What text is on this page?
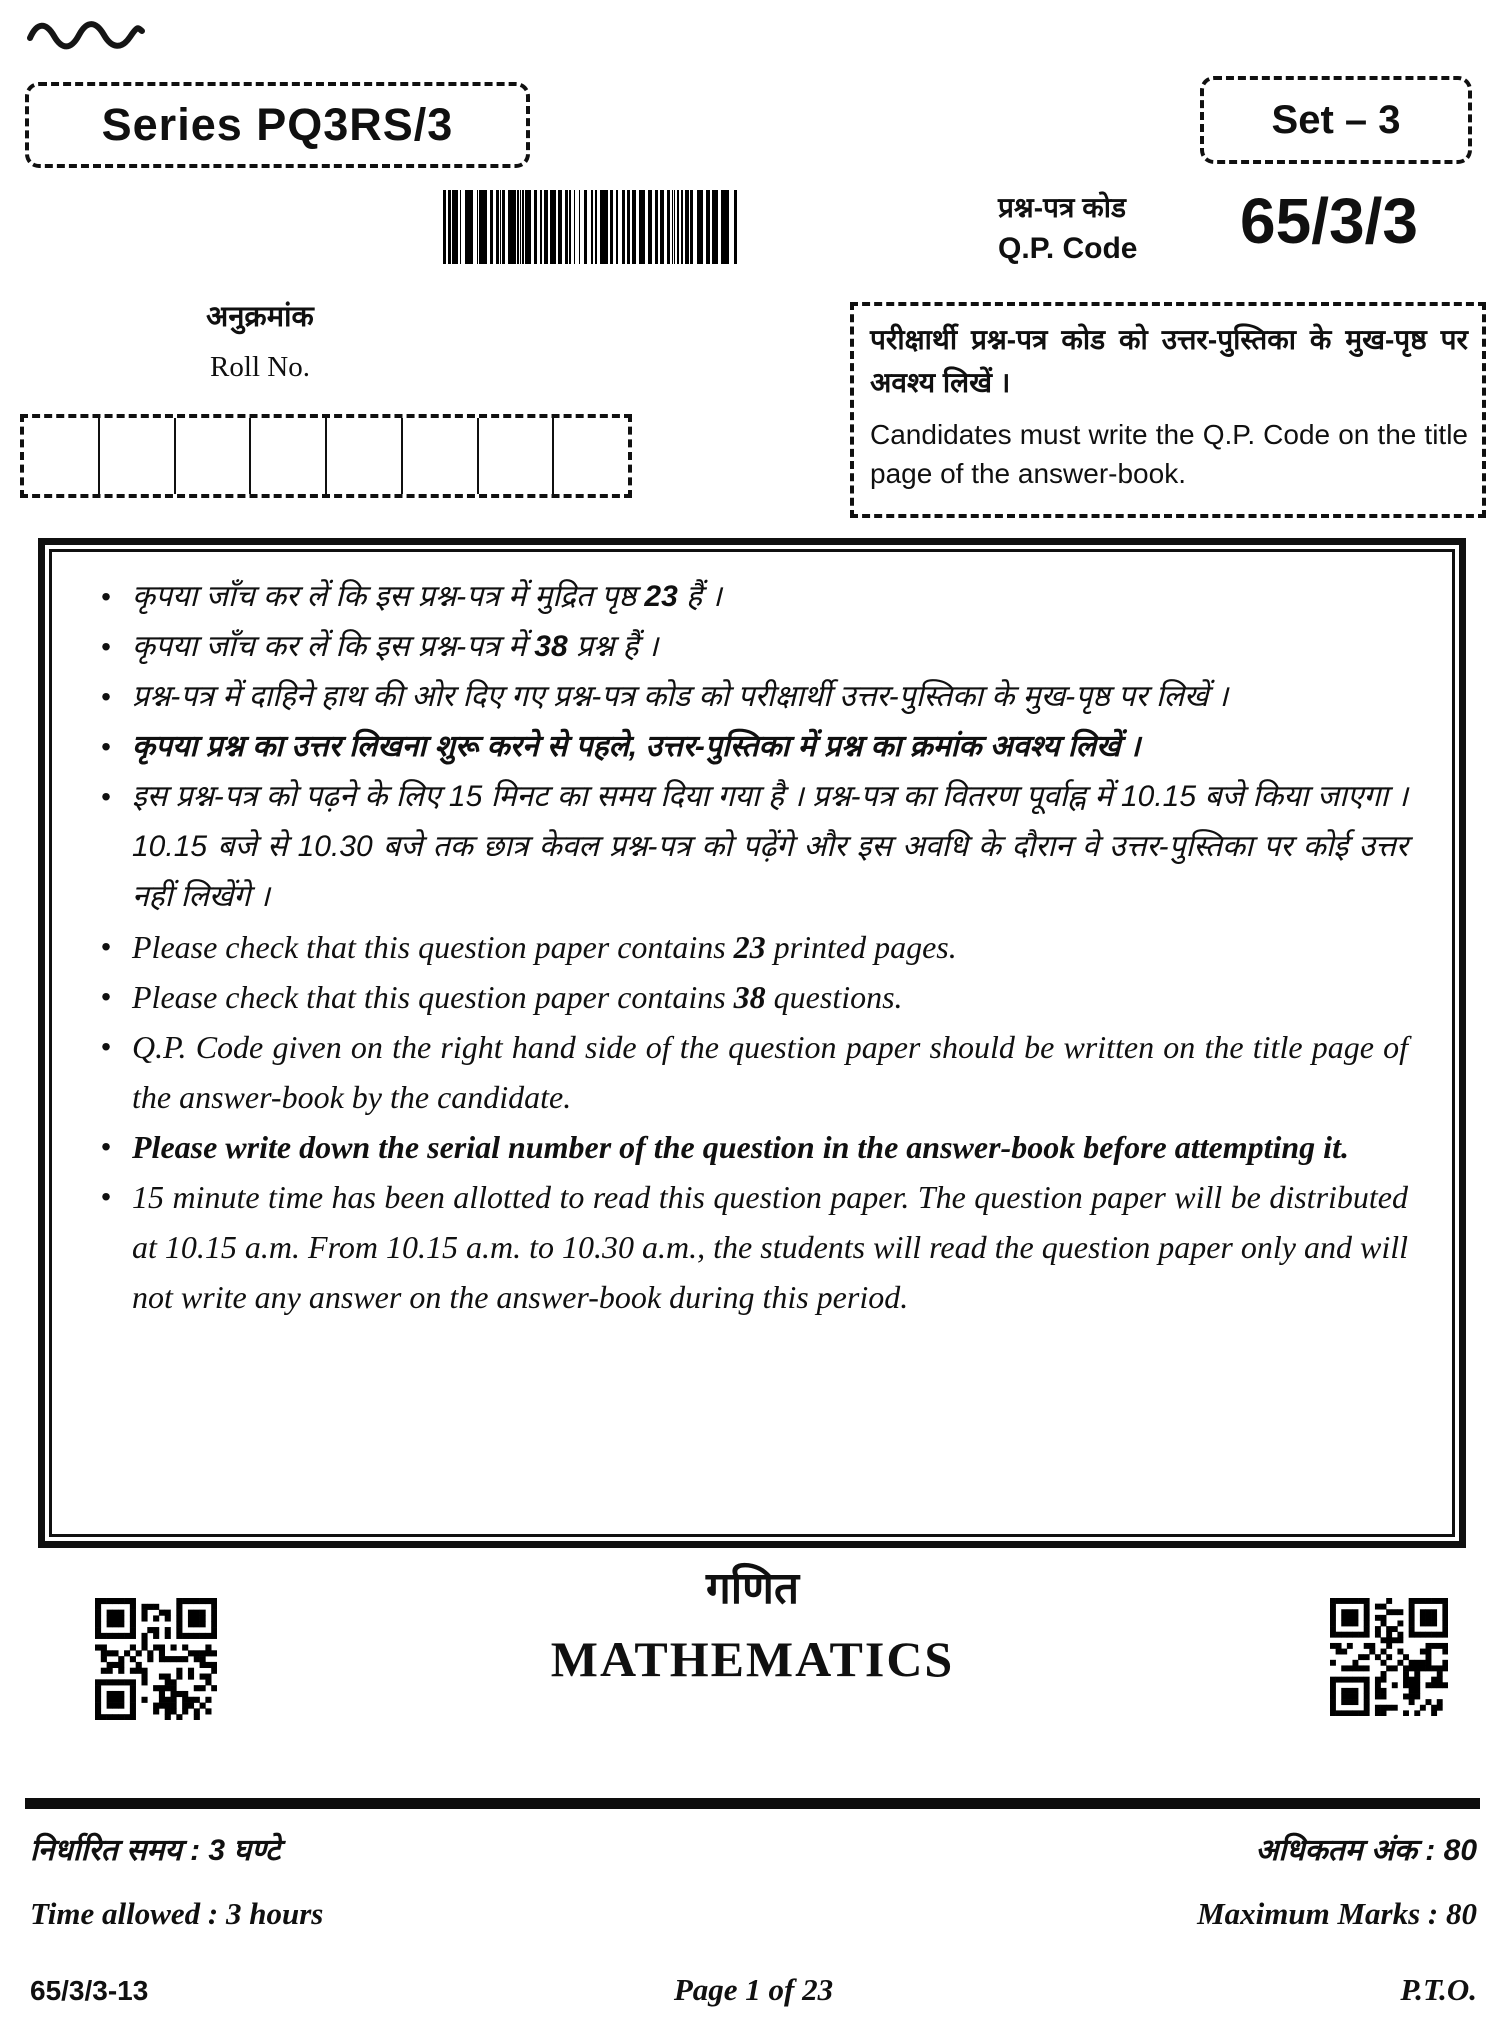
Series PQ3RS/3	Set – 3
अनुक्रमांक
Roll No.
प्रश्न-पत्र कोड
Q.P. Code 65/3/3
परीक्षार्थी प्रश्न-पत्र कोड को उत्तर-पुस्तिका के मुख-पृष्ठ पर अवश्य लिखें ।
Candidates must write the Q.P. Code on the title page of the answer-book.
• कृपया जाँच कर लें कि इस प्रश्न-पत्र में मुद्रित पृष्ठ 23 हैं ।
• कृपया जाँच कर लें कि इस प्रश्न-पत्र में 38 प्रश्न हैं ।
• प्रश्न-पत्र में दाहिने हाथ की ओर दिए गए प्रश्न-पत्र कोड को परीक्षार्थी उत्तर-पुस्तिका के मुख-पृष्ठ पर लिखें ।
• कृपया प्रश्न का उत्तर लिखना शुरू करने से पहले, उत्तर-पुस्तिका में प्रश्न का क्रमांक अवश्य लिखें ।
• इस प्रश्न-पत्र को पढ़ने के लिए 15 मिनट का समय दिया गया है । प्रश्न-पत्र का वितरण पूर्वाह्न में 10.15 बजे किया जाएगा । 10.15 बजे से 10.30 बजे तक छात्र केवल प्रश्न-पत्र को पढ़ेंगे और इस अवधि के दौरान वे उत्तर-पुस्तिका पर कोई उत्तर नहीं लिखेंगे ।
• Please check that this question paper contains 23 printed pages.
• Please check that this question paper contains 38 questions.
• Q.P. Code given on the right hand side of the question paper should be written on the title page of the answer-book by the candidate.
• Please write down the serial number of the question in the answer-book before attempting it.
• 15 minute time has been allotted to read this question paper. The question paper will be distributed at 10.15 a.m. From 10.15 a.m. to 10.30 a.m., the students will read the question paper only and will not write any answer on the answer-book during this period.
गणित
MATHEMATICS
निर्धारित समय : 3 घण्टे	अधिकतम अंक : 80
Time allowed : 3 hours	Maximum Marks : 80
65/3/3-13	Page 1 of 23	P.T.O.
